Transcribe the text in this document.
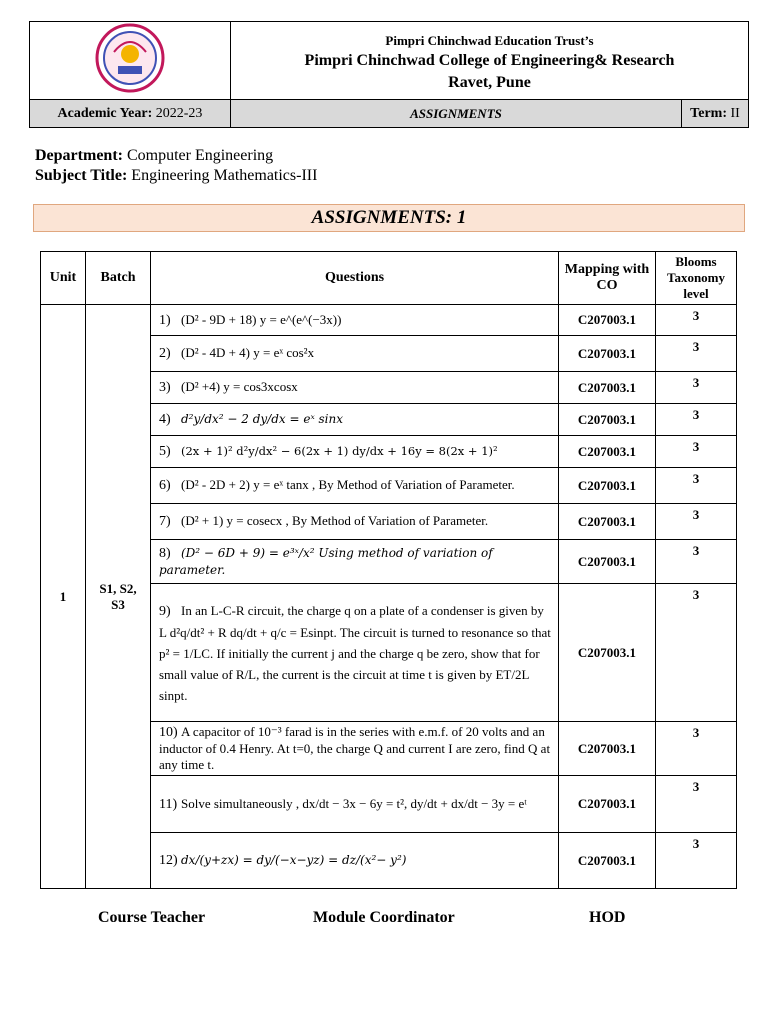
Pimpri Chinchwad Education Trust’s
Pimpri Chinchwad College of Engineering& Research
Ravet, Pune	

Academic Year: 2022-23	ASSIGNMENTS	Term: II
Department: Computer Engineering
Subject Title: Engineering Mathematics-III
ASSIGNMENTS: 1
Unit	Batch	Questions	Mapping with CO	Blooms Taxonomy level
1	S1, S2, S3	1) (D² - 9D + 18) y = e^(e^(−3x))	C207003.1	3
		2) (D² - 4D + 4) y = eˣ cos²x	C207003.1	3
		3) (D² +4) y = cos3xcosx	C207003.1	3
		4) d²y/dx² − 2 dy/dx = eˣ sinx	C207003.1	3
		5) (2x + 1)² d²y/dx² − 6(2x + 1) dy/dx + 16y = 8(2x + 1)²	C207003.1	3
		6) (D² - 2D + 2) y = eˣ tanx , By Method of Variation of Parameter.	C207003.1	3
		7) (D² + 1) y = cosecx , By Method of Variation of Parameter.	C207003.1	3
		8) (D² − 6D + 9) = e³ˣ/x² Using method of variation of parameter.	C207003.1	3
		9) In an L-C-R circuit, the charge q on a plate of a condenser is given by L d²q/dt² + R dq/dt + q/c = Esinpt. The circuit is turned to resonance so that p² = 1/LC. If initially the current j and the charge q be zero, show that for small value of R/L, the current is the circuit at time t is given by ET/2L sinpt.	C207003.1	3
		10) A capacitor of 10⁻³ farad is in the series with e.m.f. of 20 volts and an inductor of 0.4 Henry. At t=0, the charge Q and current I are zero, find Q at any time t.	C207003.1	3
		11) Solve simultaneously , dx/dt − 3x − 6y = t², dy/dt + dx/dt − 3y = eᵗ	C207003.1	3
		12) dx/(y+zx) = dy/(−x−yz) = dz/(x²− y²)	C207003.1	3
Course Teacher	Module Coordinator	HOD
